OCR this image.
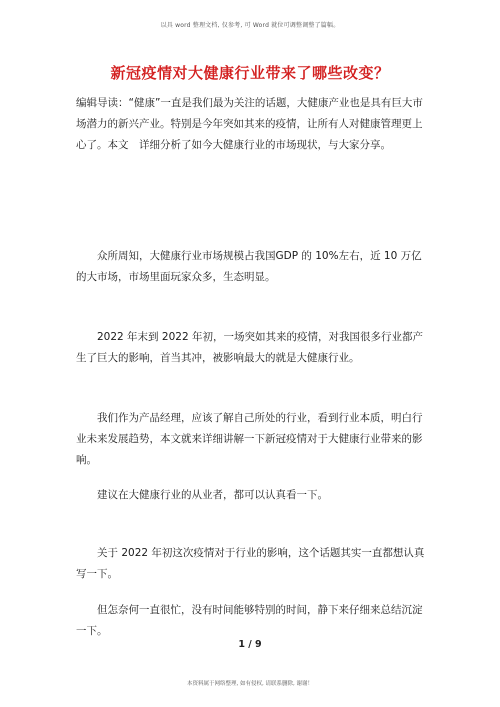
以具 word 整理文档, 仅参考, 可 Word 就位可调整调整了篇幅。
新冠疫情对大健康行业带来了哪些改变？

编辑导读：“健康”一直是我们最为关注的话题，大健康产业也是具有巨大市场潜力的新兴产业。特别是今年突如其来的疫情，让所有人对健康管理更上心了。本文　详细分析了如今大健康行业的市场现状，与大家分享。

众所周知，大健康行业市场规模占我国GDP 的 10%左右，近 10 万亿的大市场，市场里面玩家众多，生态明显。

2022 年末到 2022 年初，一场突如其来的疫情，对我国很多行业都产生了巨大的影响，首当其冲，被影响最大的就是大健康行业。

我们作为产品经理，应该了解自己所处的行业，看到行业本质，明白行业未来发展趋势，本文就来详细讲解一下新冠疫情对于大健康行业带来的影响。

建议在大健康行业的从业者，都可以认真看一下。

关于 2022 年初这次疫情对于行业的影响，这个话题其实一直都想认真写一下。

但怎奈何一直很忙，没有时间能够特别的时间，静下来仔细来总结沉淀一下。

1 / 9
本资料属于网络整理, 如有侵权, 请联系删除, 谢谢！
